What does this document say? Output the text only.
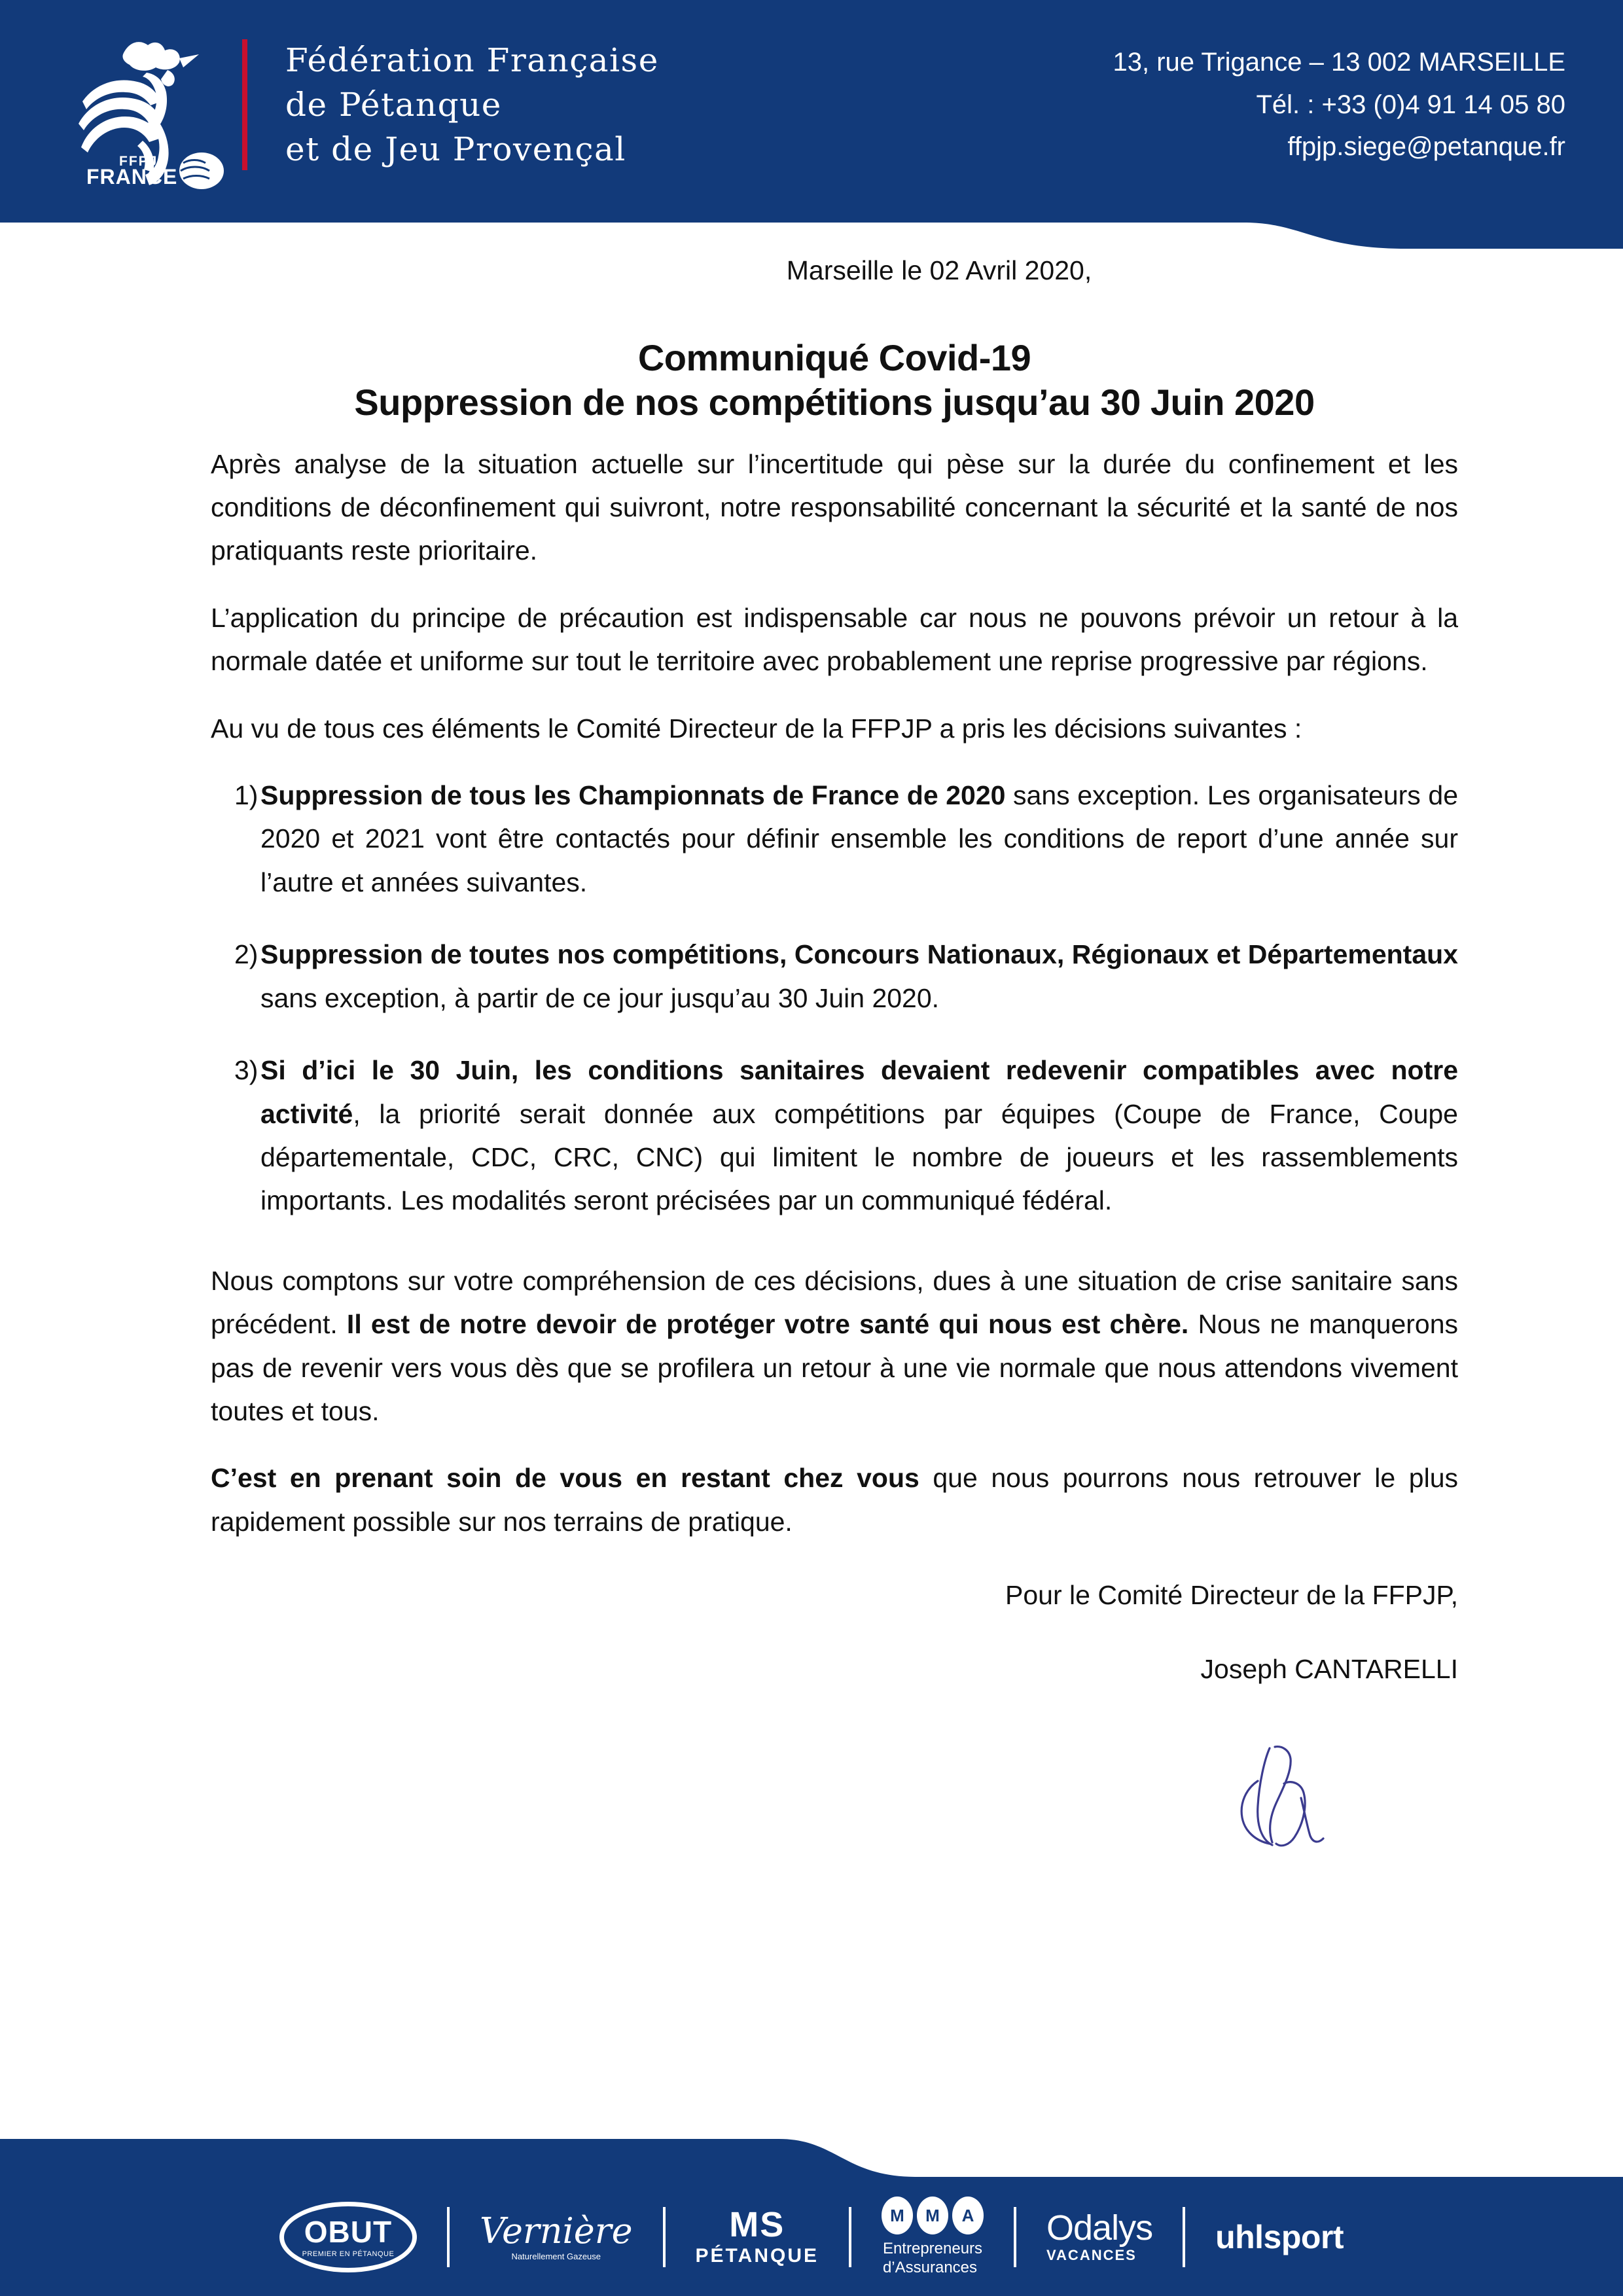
FFPJP
FRANCE
Fédération Française
de Pétanque
et de Jeu Provençal
13, rue Trigance – 13 002 MARSEILLE
Tél. : +33 (0)4 91 14 05 80
ffpjp.siege@petanque.fr
Marseille le 02 Avril 2020,
Communiqué Covid-19
Suppression de nos compétitions jusqu’au 30 Juin 2020

Après analyse de la situation actuelle sur l’incertitude qui pèse sur la durée du confinement et les conditions de déconfinement qui suivront, notre responsabilité concernant la sécurité et la santé de nos pratiquants reste prioritaire.

L’application du principe de précaution est indispensable car nous ne pouvons prévoir un retour à la normale datée et uniforme sur tout le territoire avec probablement une reprise progressive par régions.

Au vu de tous ces éléments le Comité Directeur de la FFPJP a pris les décisions suivantes :

1) Suppression de tous les Championnats de France de 2020 sans exception. Les organisateurs de 2020 et 2021 vont être contactés pour définir ensemble les conditions de report d’une année sur l’autre et années suivantes.
2) Suppression de toutes nos compétitions, Concours Nationaux, Régionaux et Départementaux sans exception, à partir de ce jour jusqu’au 30 Juin 2020.
3) Si d’ici le 30 Juin, les conditions sanitaires devaient redevenir compatibles avec notre activité, la priorité serait donnée aux compétitions par équipes (Coupe de France, Coupe départementale, CDC, CRC, CNC) qui limitent le nombre de joueurs et les rassemblements importants. Les modalités seront précisées par un communiqué fédéral.

Nous comptons sur votre compréhension de ces décisions, dues à une situation de crise sanitaire sans précédent. Il est de notre devoir de protéger votre santé qui nous est chère. Nous ne manquerons pas de revenir vers vous dès que se profilera un retour à une vie normale que nous attendons vivement toutes et tous.

C’est en prenant soin de vous en restant chez vous que nous pourrons nous retrouver le plus rapidement possible sur nos terrains de pratique.

Pour le Comité Directeur de la FFPJP,
Joseph CANTARELLI
OBUT
PREMIER EN PÉTANQUE
Vernière
Naturellement Gazeuse
MS
PÉTANQUE
M	M	A
Entrepreneurs
d’Assurances
Odalys
VACANCES uhlsport
